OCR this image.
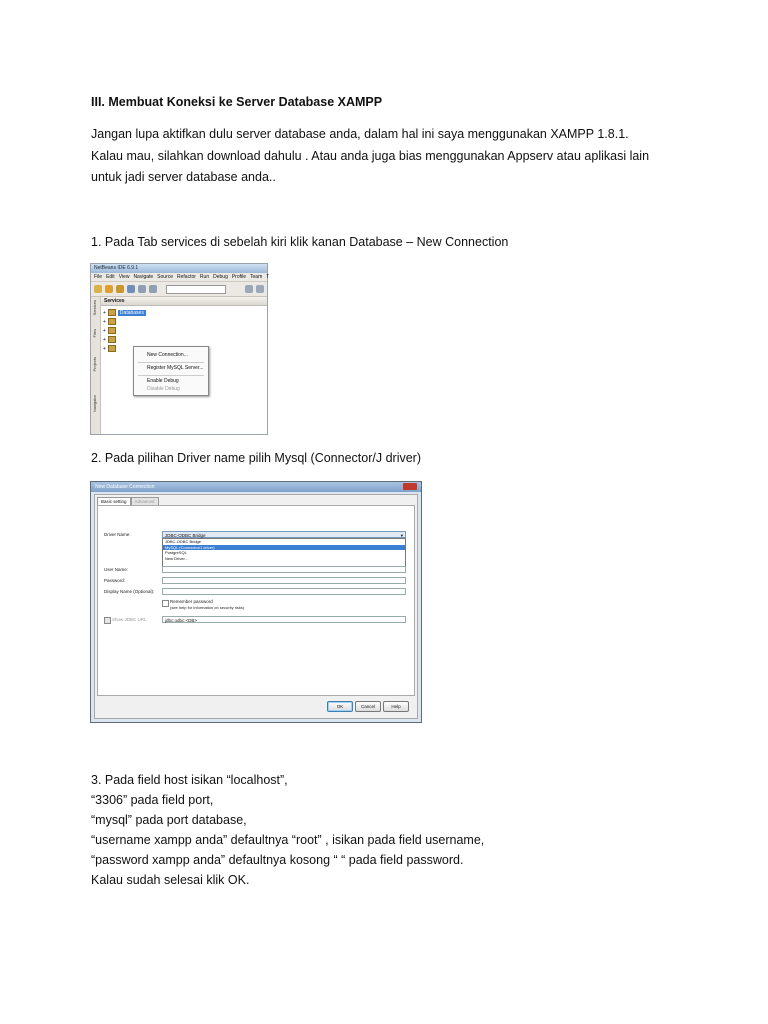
III. Membuat Koneksi ke Server Database XAMPP
Jangan lupa aktifkan dulu server database anda, dalam hal ini saya menggunakan XAMPP 1.8.1.
Kalau mau, silahkan download dahulu . Atau anda juga bias menggunakan Appserv atau aplikasi lain
untuk jadi server database anda..
1. Pada Tab services di sebelah kiri klik kanan Database – New Connection
NetBeans IDE 6.9.1
File Edit View Navigate Source Refactor Run Debug Profile Team T
Services
Files
Projects
Navigator
Services
+	Databases
+
+
+
+
New Connection...
Register MySQL Server...
Enable Debug
Disable Debug
2. Pada pilihan Driver name pilih Mysql (Connector/J driver)
New Database Connection
Basic setting	Advanced
Driver Name:	JDBC-ODBC Bridge	▾
JDBC-ODBC Bridge
MySQL (Connector/J driver)
PostgreSQL
New Driver...
User Name:
Password:
Display Name (Optional):
Remember password
(see help for information on security risks)
Show JDBC URL	jdbc:odbc:<DB>
OK	Cancel	Help
3. Pada field host isikan “localhost”,
“3306” pada field port,
“mysql” pada port database,
“username xampp anda” defaultnya “root” , isikan pada field username,
“password xampp anda” defaultnya kosong “ “ pada field password.
Kalau sudah selesai klik OK.
